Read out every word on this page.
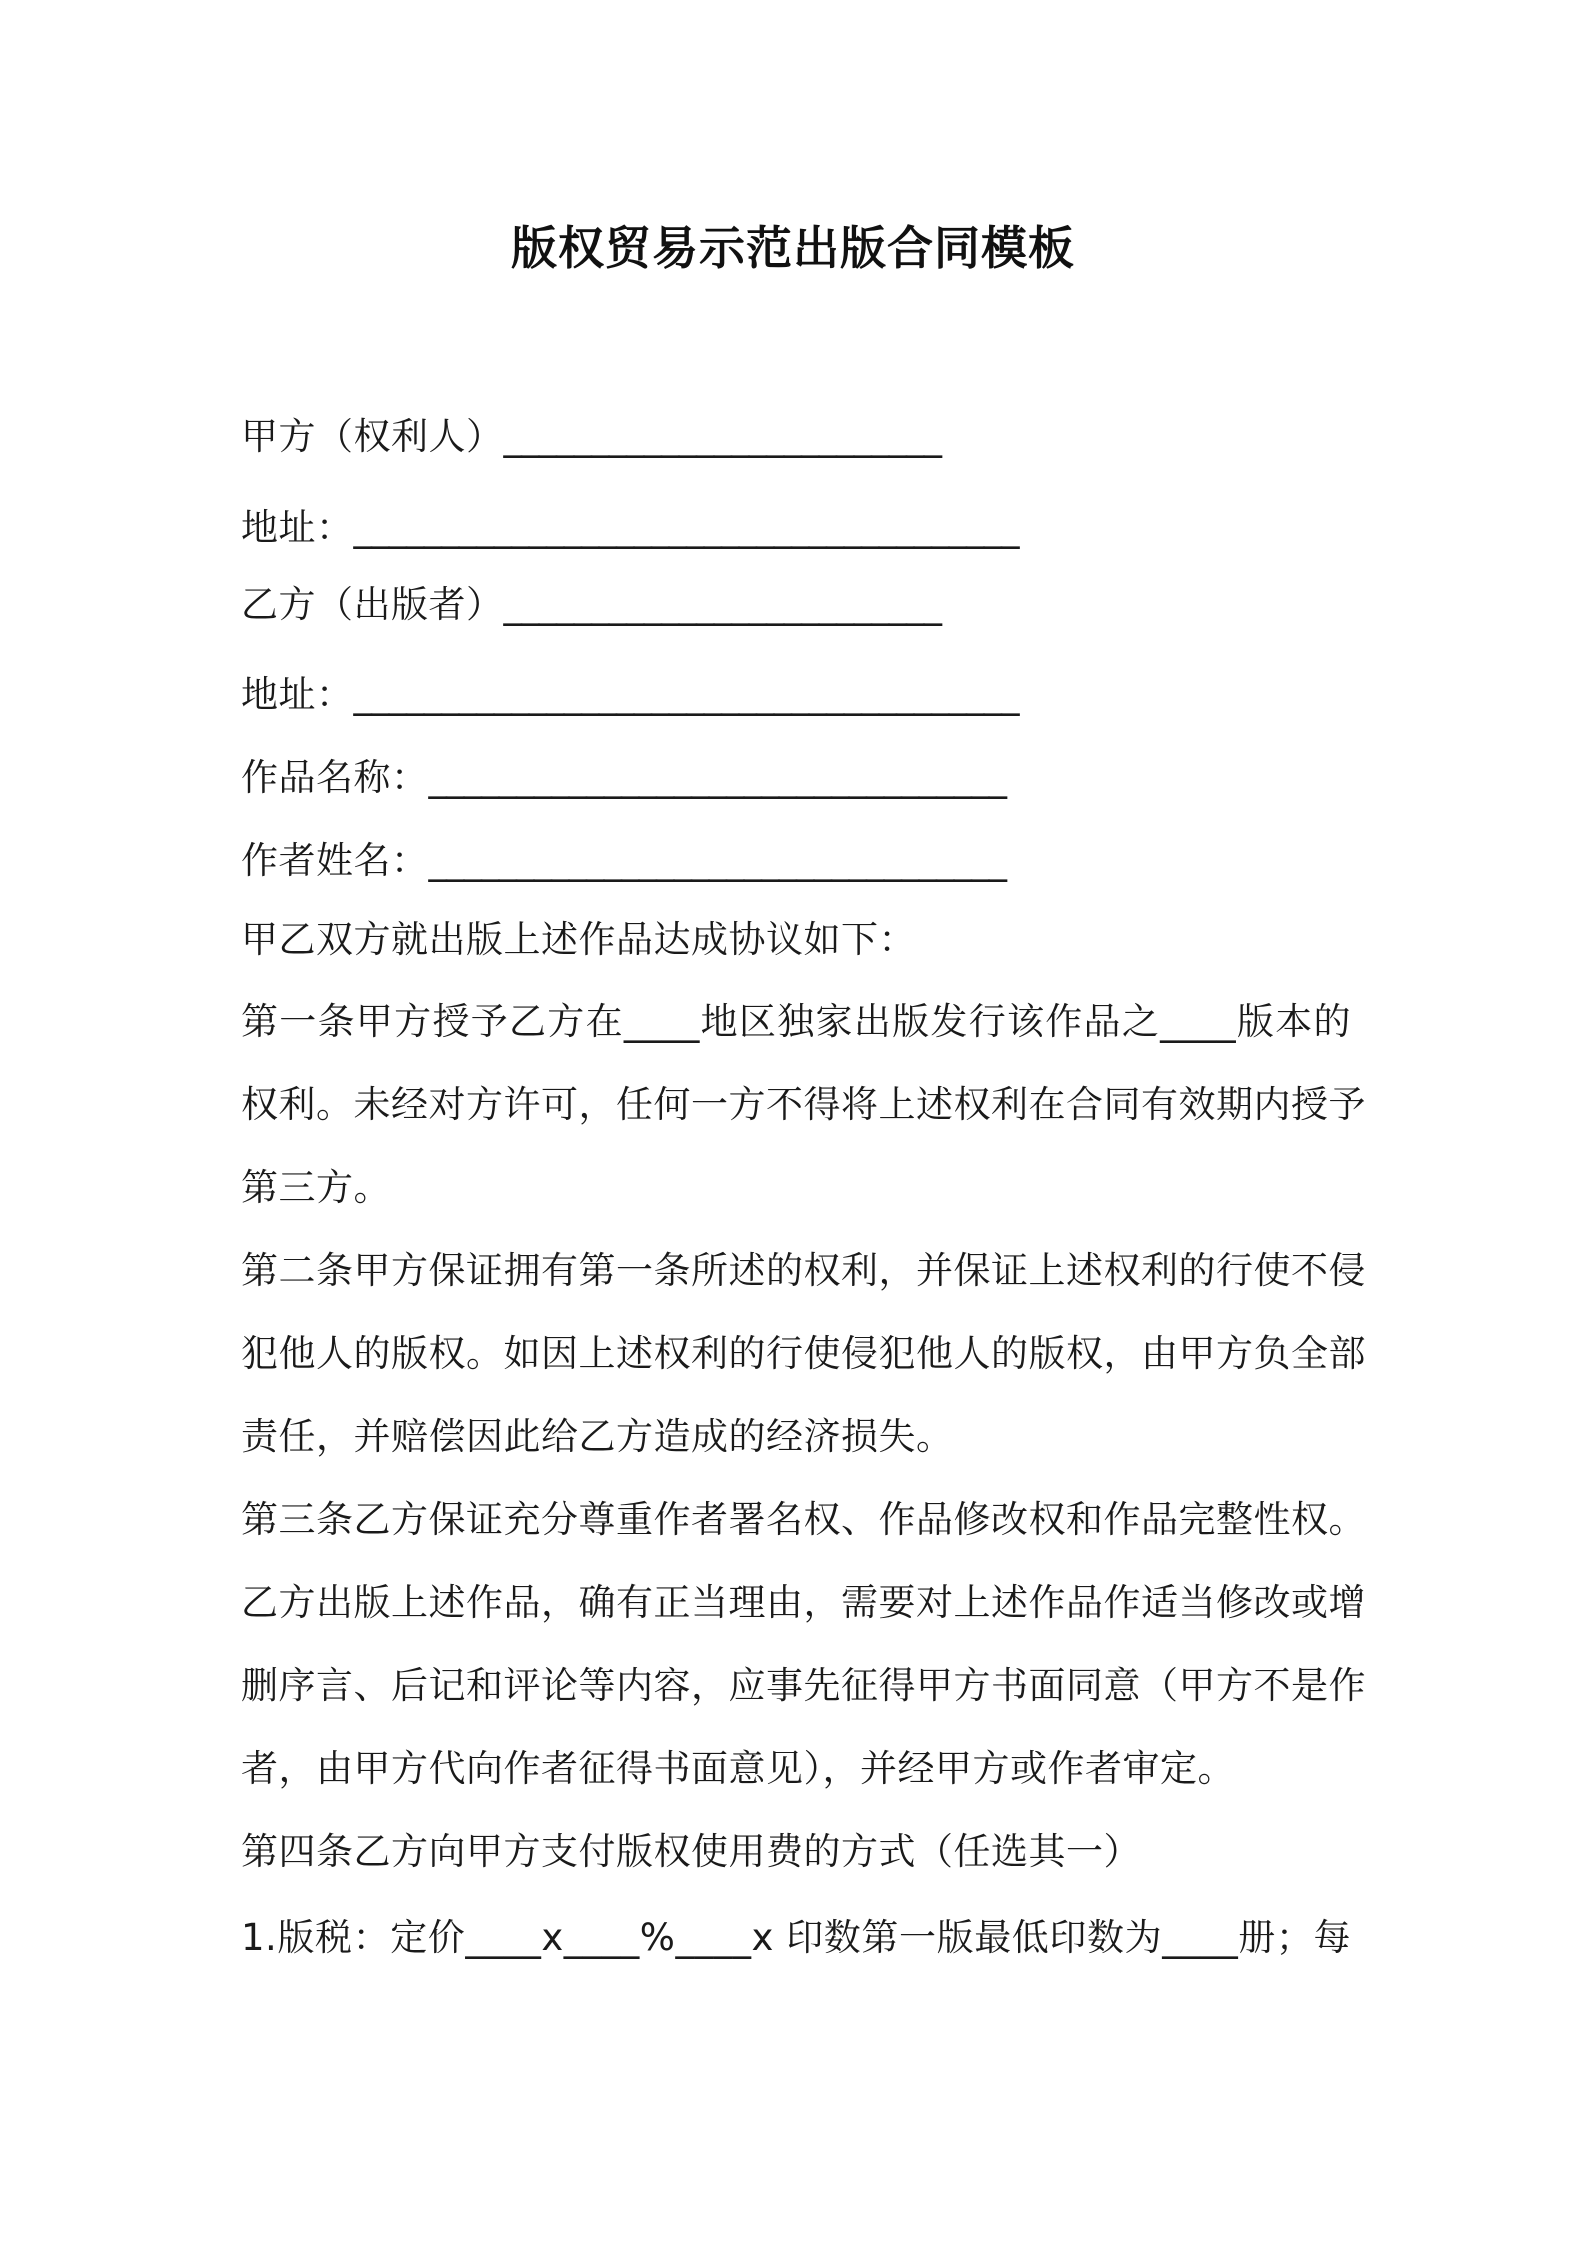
版权贸易示范出版合同模板
甲方（权利人）_________________________
地址：______________________________________
乙方（出版者）_________________________
地址：______________________________________
作品名称：_________________________________
作者姓名：_________________________________
甲乙双方就出版上述作品达成协议如下：
第一条甲方授予乙方在____地区独家出版发行该作品之____版本的
权利。未经对方许可，任何一方不得将上述权利在合同有效期内授予
第三方。
第二条甲方保证拥有第一条所述的权利，并保证上述权利的行使不侵
犯他人的版权。如因上述权利的行使侵犯他人的版权，由甲方负全部
责任，并赔偿因此给乙方造成的经济损失。
第三条乙方保证充分尊重作者署名权、作品修改权和作品完整性权。
乙方出版上述作品，确有正当理由，需要对上述作品作适当修改或增
删序言、后记和评论等内容，应事先征得甲方书面同意（甲方不是作
者，由甲方代向作者征得书面意见），并经甲方或作者审定。
第四条乙方向甲方支付版权使用费的方式（任选其一）
1.版税：定价____x____%____x 印数第一版最低印数为____册；每
